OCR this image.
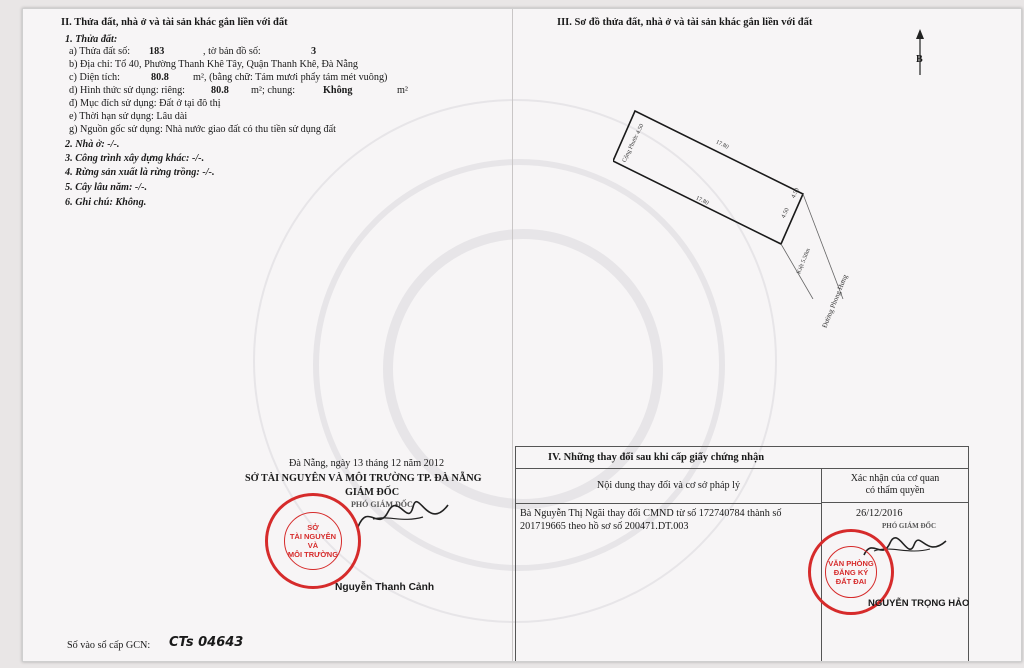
II. Thửa đất, nhà ở và tài sản khác gắn liền với đất
1. Thửa đất:
a) Thửa đất số: 183	, tờ bản đồ số:	3
b) Địa chỉ: Tổ 40, Phường Thanh Khê Tây, Quận Thanh Khê, Đà Nẵng
c) Diện tích:	80.8 m², (bằng chữ: Tám mươi phẩy tám mét vuông)
d) Hình thức sử dụng: riêng:	80.8 m²; chung:	Không	m²
đ) Mục đích sử dụng: Đất ở tại đô thị
e) Thời hạn sử dụng: Lâu dài
g) Nguồn gốc sử dụng: Nhà nước giao đất có thu tiền sử dụng đất
2. Nhà ở: -/-.
3. Công trình xây dựng khác: -/-.
4. Rừng sản xuất là rừng trồng: -/-.
5. Cây lâu năm: -/-.
6. Ghi chú: Không.
Đà Nẵng, ngày 13 tháng 12 năm 2012
SỞ TÀI NGUYÊN VÀ MÔI TRƯỜNG TP. ĐÀ NẴNG
GIÁM ĐỐC
PHÓ GIÁM ĐỐC
SỞ
TÀI NGUYÊN
VÀ
MÔI TRƯỜNG
Nguyễn Thanh Cảnh
Số vào sổ cấp GCN: CTs 04643
III. Sơ đồ thửa đất, nhà ở và tài sản khác gắn liền với đất
B
17.80
17.80
Cộng Phước 4.50
4.50
4.50
Kiệt 5.50m
Đường Phong Hưng
IV. Những thay đổi sau khi cấp giấy chứng nhận
Nội dung thay đổi và cơ sở pháp lý
Xác nhận của cơ quan
có thẩm quyền
Bà Nguyễn Thị Ngãi thay đổi CMND từ số 172740784 thành số
201719665 theo hồ sơ số 200471.DT.003
26/12/2016
PHÓ GIÁM ĐỐC
VĂN PHÒNG
ĐĂNG KÝ
ĐẤT ĐAI
NGUYỄN TRỌNG HẢO
